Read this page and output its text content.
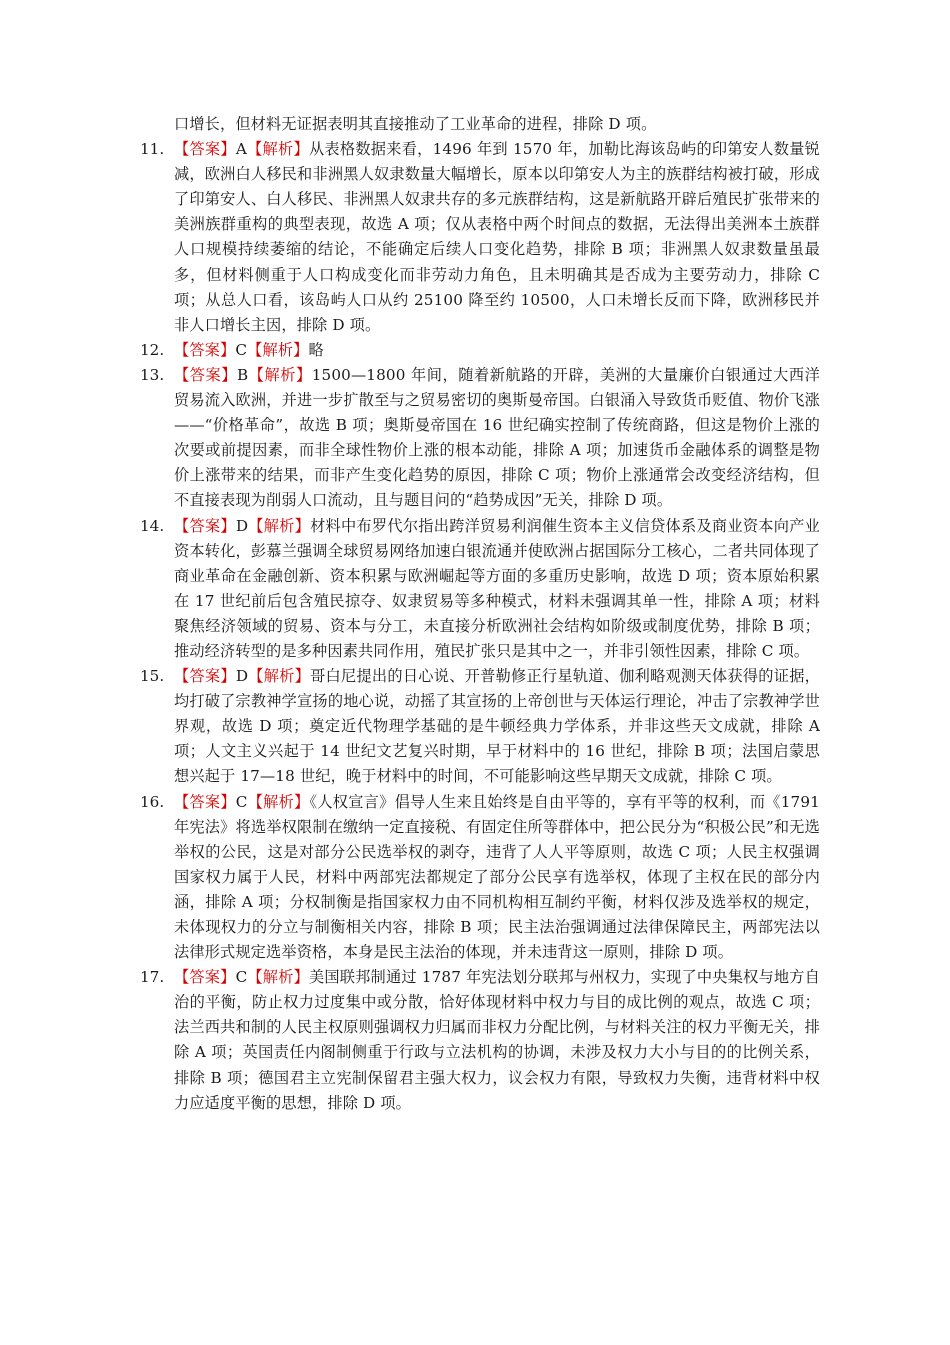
口增长，但材料无证据表明其直接推动了工业革命的进程，排除 D 项。
11. 【答案】A【解析】从表格数据来看，1496 年到 1570 年，加勒比海该岛屿的印第安人数量锐减，欧洲白人移民和非洲黑人奴隶数量大幅增长，原本以印第安人为主的族群结构被打破，形成了印第安人、白人移民、非洲黑人奴隶共存的多元族群结构，这是新航路开辟后殖民扩张带来的美洲族群重构的典型表现，故选 A 项；仅从表格中两个时间点的数据，无法得出美洲本土族群人口规模持续萎缩的结论，不能确定后续人口变化趋势，排除 B 项；非洲黑人奴隶数量虽最多，但材料侧重于人口构成变化而非劳动力角色，且未明确其是否成为主要劳动力，排除 C 项；从总人口看，该岛屿人口从约 25100 降至约 10500，人口未增长反而下降，欧洲移民并非人口增长主因，排除 D 项。
12. 【答案】C【解析】略
13. 【答案】B【解析】1500—1800 年间，随着新航路的开辟，美洲的大量廉价白银通过大西洋贸易流入欧洲，并进一步扩散至与之贸易密切的奥斯曼帝国。白银涌入导致货币贬值、物价飞涨——“价格革命”，故选 B 项；奥斯曼帝国在 16 世纪确实控制了传统商路，但这是物价上涨的次要或前提因素，而非全球性物价上涨的根本动能，排除 A 项；加速货币金融体系的调整是物价上涨带来的结果，而非产生变化趋势的原因，排除 C 项；物价上涨通常会改变经济结构，但不直接表现为削弱人口流动，且与题目问的“趋势成因”无关，排除 D 项。
14. 【答案】D【解析】材料中布罗代尔指出跨洋贸易利润催生资本主义信贷体系及商业资本向产业资本转化，彭慕兰强调全球贸易网络加速白银流通并使欧洲占据国际分工核心，二者共同体现了商业革命在金融创新、资本积累与欧洲崛起等方面的多重历史影响，故选 D 项；资本原始积累在 17 世纪前后包含殖民掠夺、奴隶贸易等多种模式，材料未强调其单一性，排除 A 项；材料聚焦经济领域的贸易、资本与分工，未直接分析欧洲社会结构如阶级或制度优势，排除 B 项；推动经济转型的是多种因素共同作用，殖民扩张只是其中之一，并非引领性因素，排除 C 项。
15. 【答案】D【解析】哥白尼提出的日心说、开普勒修正行星轨道、伽利略观测天体获得的证据，均打破了宗教神学宣扬的地心说，动摇了其宣扬的上帝创世与天体运行理论，冲击了宗教神学世界观，故选 D 项；奠定近代物理学基础的是牛顿经典力学体系，并非这些天文成就，排除 A 项；人文主义兴起于 14 世纪文艺复兴时期，早于材料中的 16 世纪，排除 B 项；法国启蒙思想兴起于 17—18 世纪，晚于材料中的时间，不可能影响这些早期天文成就，排除 C 项。
16. 【答案】C【解析】《人权宣言》倡导人生来且始终是自由平等的，享有平等的权利，而《1791 年宪法》将选举权限制在缴纳一定直接税、有固定住所等群体中，把公民分为“积极公民”和无选举权的公民，这是对部分公民选举权的剥夺，违背了人人平等原则，故选 C 项；人民主权强调国家权力属于人民，材料中两部宪法都规定了部分公民享有选举权，体现了主权在民的部分内涵，排除 A 项；分权制衡是指国家权力由不同机构相互制约平衡，材料仅涉及选举权的规定，未体现权力的分立与制衡相关内容，排除 B 项；民主法治强调通过法律保障民主，两部宪法以法律形式规定选举资格，本身是民主法治的体现，并未违背这一原则，排除 D 项。
17. 【答案】C【解析】美国联邦制通过 1787 年宪法划分联邦与州权力，实现了中央集权与地方自治的平衡，防止权力过度集中或分散，恰好体现材料中权力与目的成比例的观点，故选 C 项；法兰西共和制的人民主权原则强调权力归属而非权力分配比例，与材料关注的权力平衡无关，排除 A 项；英国责任内阁制侧重于行政与立法机构的协调，未涉及权力大小与目的的比例关系，排除 B 项；德国君主立宪制保留君主强大权力，议会权力有限，导致权力失衡，违背材料中权力应适度平衡的思想，排除 D 项。
